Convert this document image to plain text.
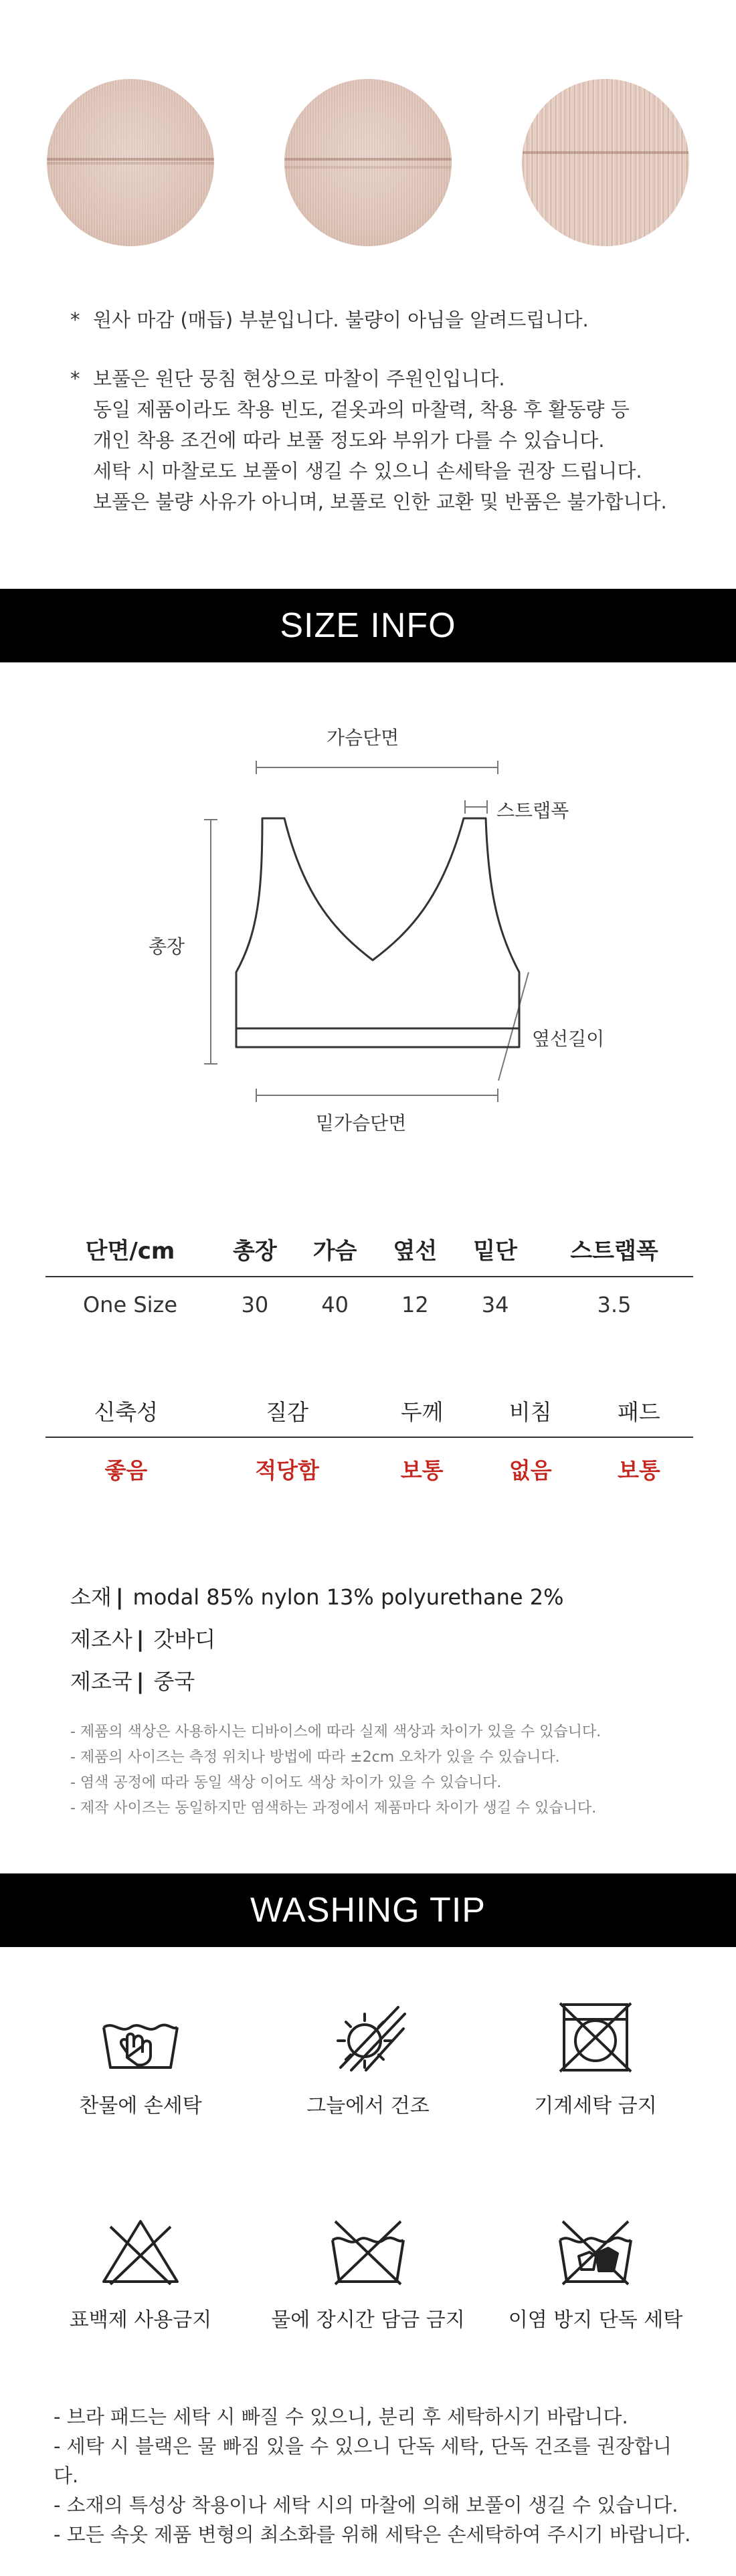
* 원사 마감 (매듭) 부분입니다. 불량이 아님을 알려드립니다.
* 보풀은 원단 뭉침 현상으로 마찰이 주원인입니다.
동일 제품이라도 착용 빈도, 겉옷과의 마찰력, 착용 후 활동량 등
개인 착용 조건에 따라 보풀 정도와 부위가 다를 수 있습니다.
세탁 시 마찰로도 보풀이 생길 수 있으니 손세탁을 권장 드립니다.
보풀은 불량 사유가 아니며, 보풀로 인한 교환 및 반품은 불가합니다.
SIZE INFO
가슴단면
스트랩폭
총장
옆선길이
밑가슴단면
단면/cm	총장	가슴	옆선	밑단	스트랩폭
One Size	30	40	12	34	3.5
신축성	질감	두께	비침	패드
좋음	적당함	보통	없음	보통
소재 | modal 85% nylon 13% polyurethane 2%
제조사 | 갓바디
제조국 | 중국
- 제품의 색상은 사용하시는 디바이스에 따라 실제 색상과 차이가 있을 수 있습니다.
- 제품의 사이즈는 측정 위치나 방법에 따라 ±2cm 오차가 있을 수 있습니다.
- 염색 공정에 따라 동일 색상 이어도 색상 차이가 있을 수 있습니다.
- 제작 사이즈는 동일하지만 염색하는 과정에서 제품마다 차이가 생길 수 있습니다.
WASHING TIP
찬물에 손세탁	그늘에서 건조	기계세탁 금지
표백제 사용금지	물에 장시간 담금 금지	이염 방지 단독 세탁
- 브라 패드는 세탁 시 빠질 수 있으니, 분리 후 세탁하시기 바랍니다.
- 세탁 시 블랙은 물 빠짐 있을 수 있으니 단독 세탁, 단독 건조를 권장합니다.
- 소재의 특성상 착용이나 세탁 시의 마찰에 의해 보풀이 생길 수 있습니다.
- 모든 속옷 제품 변형의 최소화를 위해 세탁은 손세탁하여 주시기 바랍니다.
